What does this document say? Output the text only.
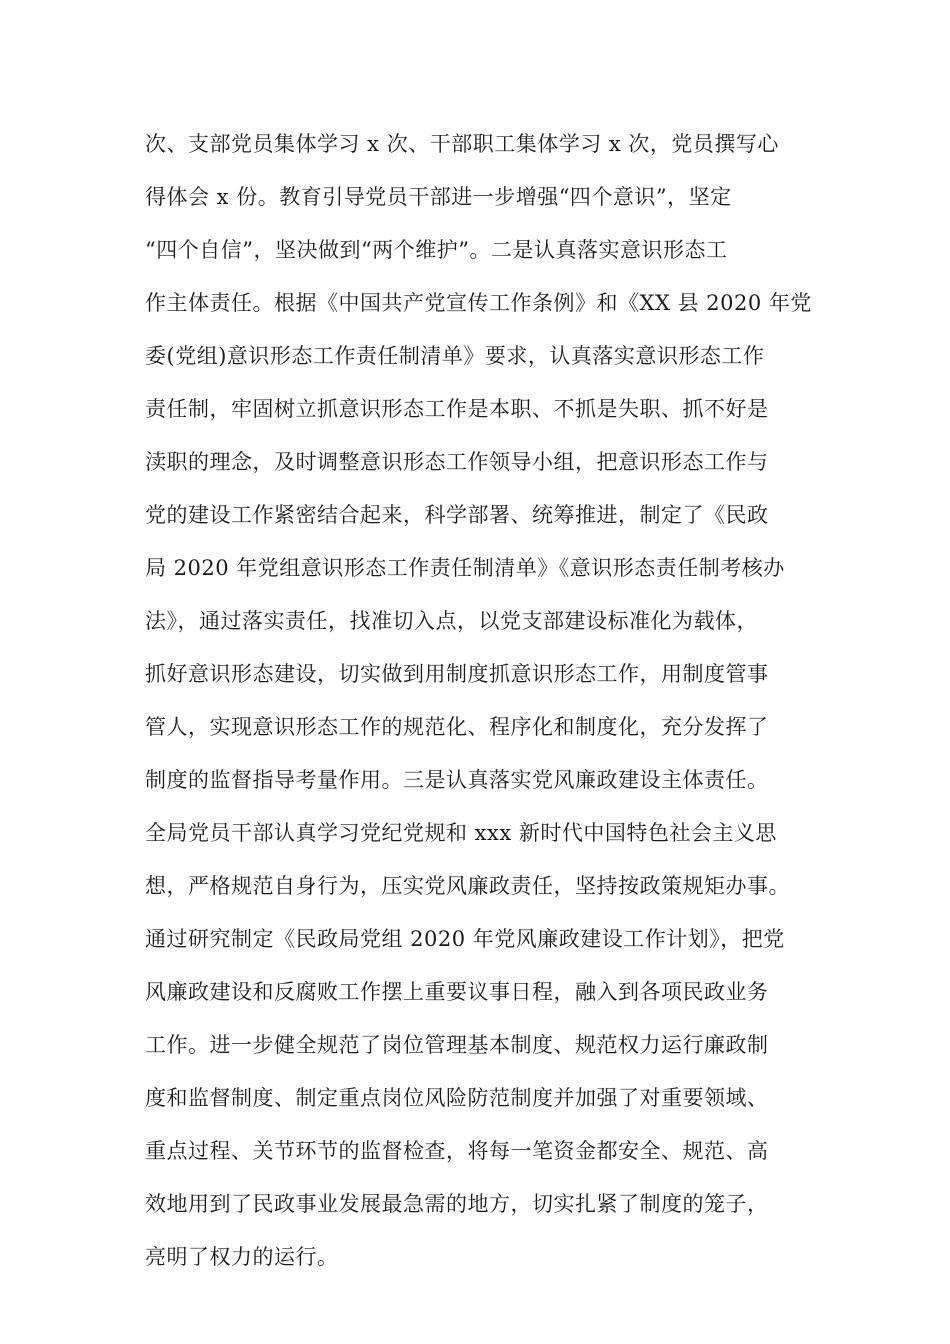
次、支部党员集体学习 x 次、干部职工集体学习 x 次，党员撰写心
得体会 x 份。教育引导党员干部进一步增强“四个意识”，坚定
“四个自信”，坚决做到“两个维护”。二是认真落实意识形态工
作主体责任。根据《中国共产党宣传工作条例》和《XX 县 2020 年党
委(党组)意识形态工作责任制清单》要求，认真落实意识形态工作
责任制，牢固树立抓意识形态工作是本职、不抓是失职、抓不好是
渎职的理念，及时调整意识形态工作领导小组，把意识形态工作与
党的建设工作紧密结合起来，科学部署、统筹推进，制定了《民政
局 2020 年党组意识形态工作责任制清单》《意识形态责任制考核办
法》，通过落实责任，找准切入点，以党支部建设标准化为载体，
抓好意识形态建设，切实做到用制度抓意识形态工作，用制度管事
管人，实现意识形态工作的规范化、程序化和制度化，充分发挥了
制度的监督指导考量作用。三是认真落实党风廉政建设主体责任。
全局党员干部认真学习党纪党规和 xxx 新时代中国特色社会主义思
想，严格规范自身行为，压实党风廉政责任，坚持按政策规矩办事。
通过研究制定《民政局党组 2020 年党风廉政建设工作计划》，把党
风廉政建设和反腐败工作摆上重要议事日程，融入到各项民政业务
工作。进一步健全规范了岗位管理基本制度、规范权力运行廉政制
度和监督制度、制定重点岗位风险防范制度并加强了对重要领域、
重点过程、关节环节的监督检查，将每一笔资金都安全、规范、高
效地用到了民政事业发展最急需的地方，切实扎紧了制度的笼子，
亮明了权力的运行。
